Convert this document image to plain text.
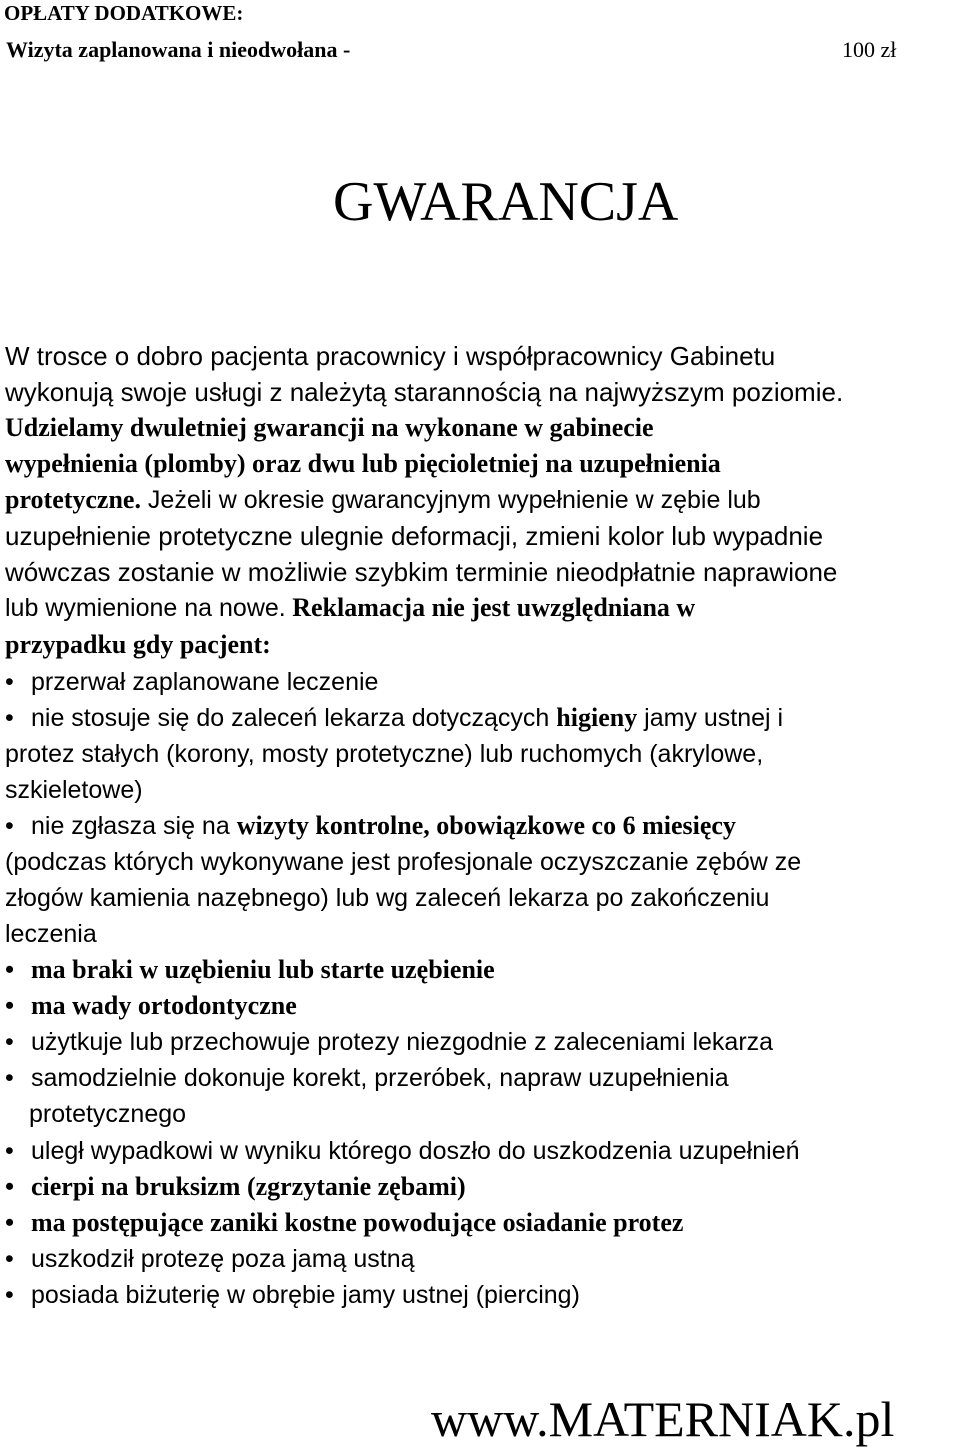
OPŁATY DODATKOWE:
Wizyta zaplanowana i nieodwołana -	100 zł
GWARANCJA
W trosce o dobro pacjenta pracownicy i współpracownicy Gabinetu
wykonują swoje usługi z należytą starannością na najwyższym poziomie.
Udzielamy dwuletniej gwarancji na wykonane w gabinecie
wypełnienia (plomby) oraz dwu lub pięcioletniej na uzupełnienia
protetyczne. Jeżeli w okresie gwarancyjnym wypełnienie w zębie lub
uzupełnienie protetyczne ulegnie deformacji, zmieni kolor lub wypadnie
wówczas zostanie w możliwie szybkim terminie nieodpłatnie naprawione
lub wymienione na nowe. Reklamacja nie jest uwzględniana w
przypadku gdy pacjent:
• przerwał zaplanowane leczenie
• nie stosuje się do zaleceń lekarza dotyczących higieny jamy ustnej i
protez stałych (korony, mosty protetyczne) lub ruchomych (akrylowe,
szkieletowe)
• nie zgłasza się na wizyty kontrolne, obowiązkowe co 6 miesięcy
(podczas których wykonywane jest profesjonale oczyszczanie zębów ze
złogów kamienia nazębnego) lub wg zaleceń lekarza po zakończeniu
leczenia
• ma braki w uzębieniu lub starte uzębienie
• ma wady ortodontyczne
• użytkuje lub przechowuje protezy niezgodnie z zaleceniami lekarza
• samodzielnie dokonuje korekt, przeróbek, napraw uzupełnienia
protetycznego
• uległ wypadkowi w wyniku którego doszło do uszkodzenia uzupełnień
• cierpi na bruksizm (zgrzytanie zębami)
• ma postępujące zaniki kostne powodujące osiadanie protez
• uszkodził protezę poza jamą ustną
• posiada biżuterię w obrębie jamy ustnej (piercing)
www.MATERNIAK.pl
